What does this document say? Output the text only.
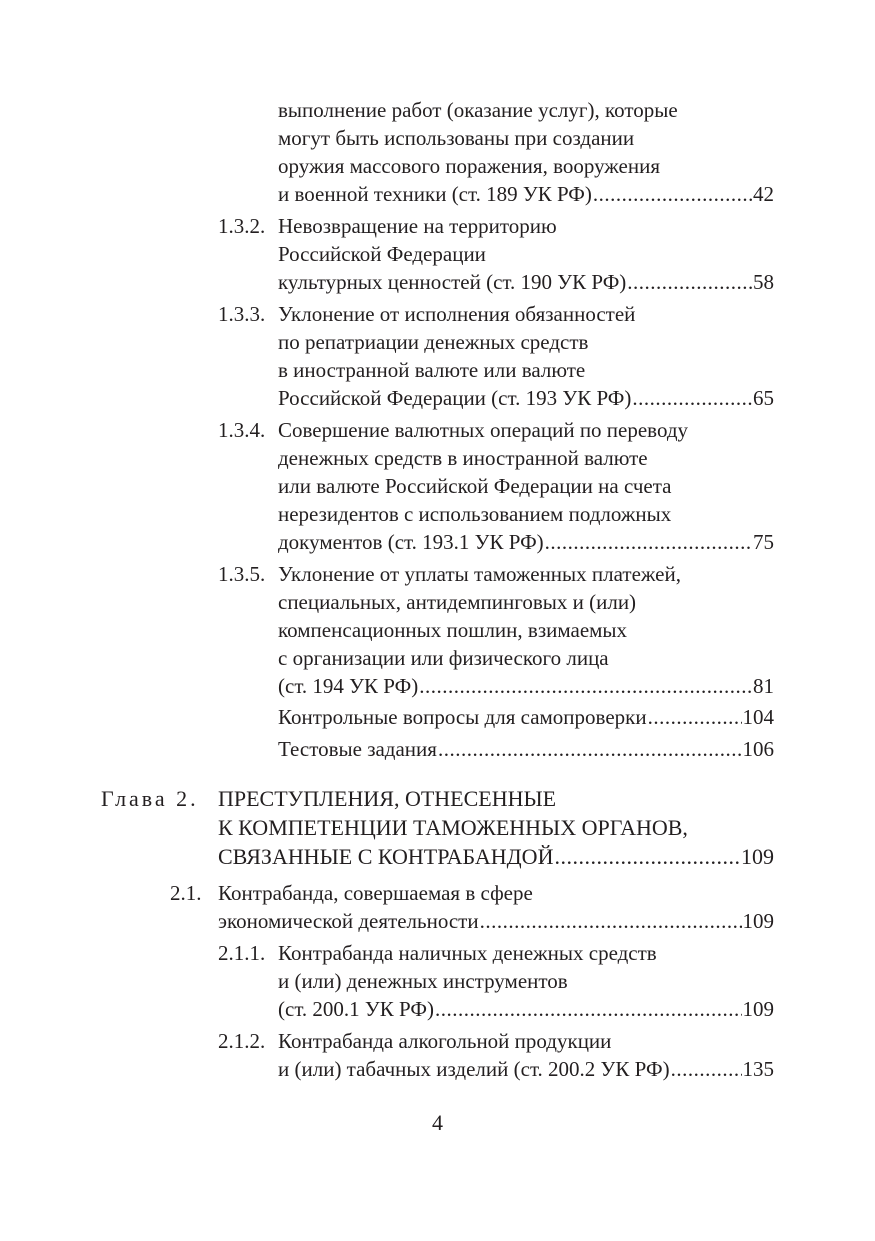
выполнение работ (оказание услуг), которые
могут быть использованы при создании
оружия массового поражения, вооружения
и военной техники (ст. 189 УК РФ) .....	42
1.3.2. Невозвращение на территорию
Российской Федерации
культурных ценностей (ст. 190 УК РФ) .....	58
1.3.3. Уклонение от исполнения обязанностей
по репатриации денежных средств
в иностранной валюте или валюте
Российской Федерации (ст. 193 УК РФ) .....	65
1.3.4. Совершение валютных операций по переводу
денежных средств в иностранной валюте
или валюте Российской Федерации на счета
нерезидентов с использованием подложных
документов (ст. 193.1 УК РФ) .....	75
1.3.5. Уклонение от уплаты таможенных платежей,
специальных, антидемпинговых и (или)
компенсационных пошлин, взимаемых
с организации или физического лица
(ст. 194 УК РФ) .....	81
Контрольные вопросы для самопроверки .....	104
Тестовые задания .....	106
Глава 2. ПРЕСТУПЛЕНИЯ, ОТНЕСЕННЫЕ
К КОМПЕТЕНЦИИ ТАМОЖЕННЫХ ОРГАНОВ,
СВЯЗАННЫЕ С КОНТРАБАНДОЙ .....	109
2.1. Контрабанда, совершаемая в сфере
экономической деятельности .....	109
2.1.1. Контрабанда наличных денежных средств
и (или) денежных инструментов
(ст. 200.1 УК РФ) .....	109
2.1.2. Контрабанда алкогольной продукции
и (или) табачных изделий (ст. 200.2 УК РФ) .....	135
4
